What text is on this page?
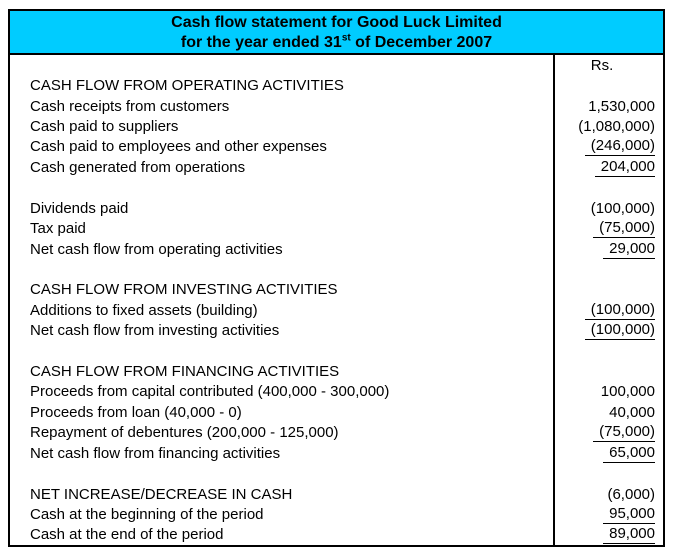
Cash flow statement for Good Luck Limited
for the year ended 31st of December 2007
Rs.
CASH FLOW FROM OPERATING ACTIVITIES
Cash receipts from customers	1,530,000
Cash paid to suppliers	(1,080,000)
Cash paid to employees and other expenses	(246,000)
Cash generated from operations	204,000
Dividends paid	(100,000)
Tax paid	(75,000)
Net cash flow from operating activities	29,000
CASH FLOW FROM INVESTING ACTIVITIES
Additions to fixed assets (building)	(100,000)
Net cash flow from investing activities	(100,000)
CASH FLOW FROM FINANCING ACTIVITIES
Proceeds from capital contributed (400,000 - 300,000)	100,000
Proceeds from loan (40,000 - 0)	40,000
Repayment of debentures (200,000 - 125,000)	(75,000)
Net cash flow from financing activities	65,000
NET INCREASE/DECREASE IN CASH	(6,000)
Cash at the beginning of the period	95,000
Cash at the end of the period	89,000
